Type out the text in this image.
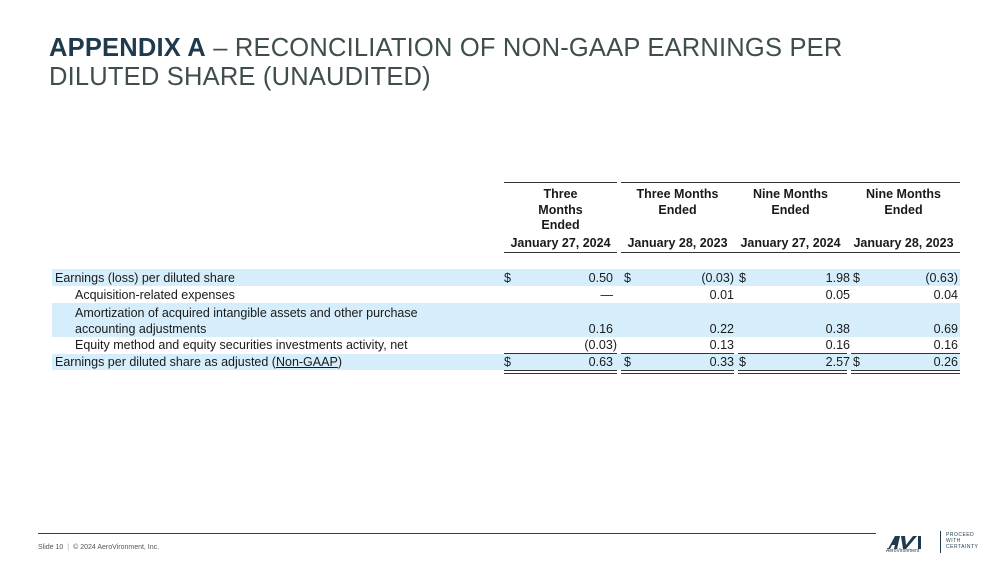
APPENDIX A – RECONCILIATION OF NON-GAAP EARNINGS PER DILUTED SHARE (UNAUDITED)
Three Months Ended
January 27, 2024
Three Months Ended
January 28, 2023
Nine Months Ended
January 27, 2024
Nine Months Ended
January 28, 2023
Earnings (loss) per diluted share	$	0.50 $	(0.03) $	1.98 $	(0.63)
Acquisition-related expenses	—	0.01	0.05	0.04
Amortization of acquired intangible assets and other purchase
accounting adjustments	0.16	0.22	0.38	0.69
Equity method and equity securities investments activity, net	(0.03)	0.13	0.16	0.16
Earnings per diluted share as adjusted (Non-GAAP)	$	0.63 $	0.33 $	2.57 $	0.26
Slide 10 | © 2024 AeroVironment, Inc.	AeroVironment
PROCEED
WITH
CERTAINTY
